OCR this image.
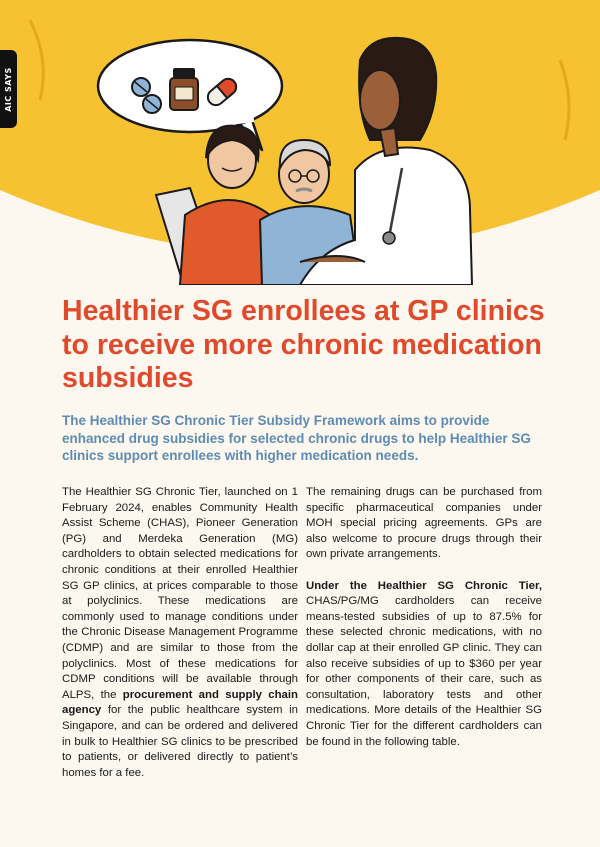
AIC SAYS
Healthier SG enrollees at GP clinics to receive more chronic medication subsidies

The Healthier SG Chronic Tier Subsidy Framework aims to provide enhanced drug subsidies for selected chronic drugs to help Healthier SG clinics support enrollees with higher medication needs.

The Healthier SG Chronic Tier, launched on 1 February 2024, enables Community Health Assist Scheme (CHAS), Pioneer Generation (PG) and Merdeka Generation (MG) cardholders to obtain selected medications for chronic conditions at their enrolled Healthier SG GP clinics, at prices comparable to those at polyclinics. These medications are commonly used to manage conditions under the Chronic Disease Management Programme (CDMP) and are similar to those from the polyclinics. Most of these medications for CDMP conditions will be available through ALPS, the procurement and supply chain agency for the public healthcare system in Singapore, and can be ordered and delivered in bulk to Healthier SG clinics to be prescribed to patients, or delivered directly to patient’s homes for a fee.

The remaining drugs can be purchased from specific pharmaceutical companies under MOH special pricing agreements. GPs are also welcome to procure drugs through their own private arrangements.

Under the Healthier SG Chronic Tier, CHAS/PG/MG cardholders can receive means-tested subsidies of up to 87.5% for these selected chronic medications, with no dollar cap at their enrolled GP clinic. They can also receive subsidies of up to $360 per year for other components of their care, such as consultation, laboratory tests and other medications. More details of the Healthier SG Chronic Tier for the different cardholders can be found in the following table.
